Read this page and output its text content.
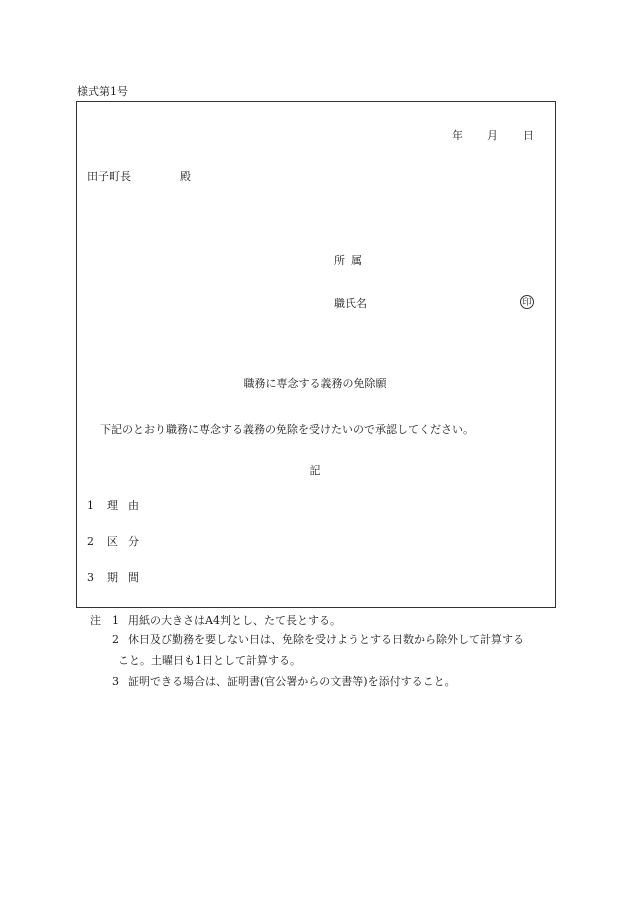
様式第1号
年 月 日
田子町長	殿
所属
職氏名	印
職務に専念する義務の免除願
下記のとおり職務に専念する義務の免除を受けたいので承認してください。
記
1 理由
2 区分
3 期間
注 1 用紙の大きさはA4判とし、たて長とする。
2 休日及び勤務を要しない日は、免除を受けようとする日数から除外して計算する
こと。土曜日も1日として計算する。
3 証明できる場合は、証明書(官公署からの文書等)を添付すること。
